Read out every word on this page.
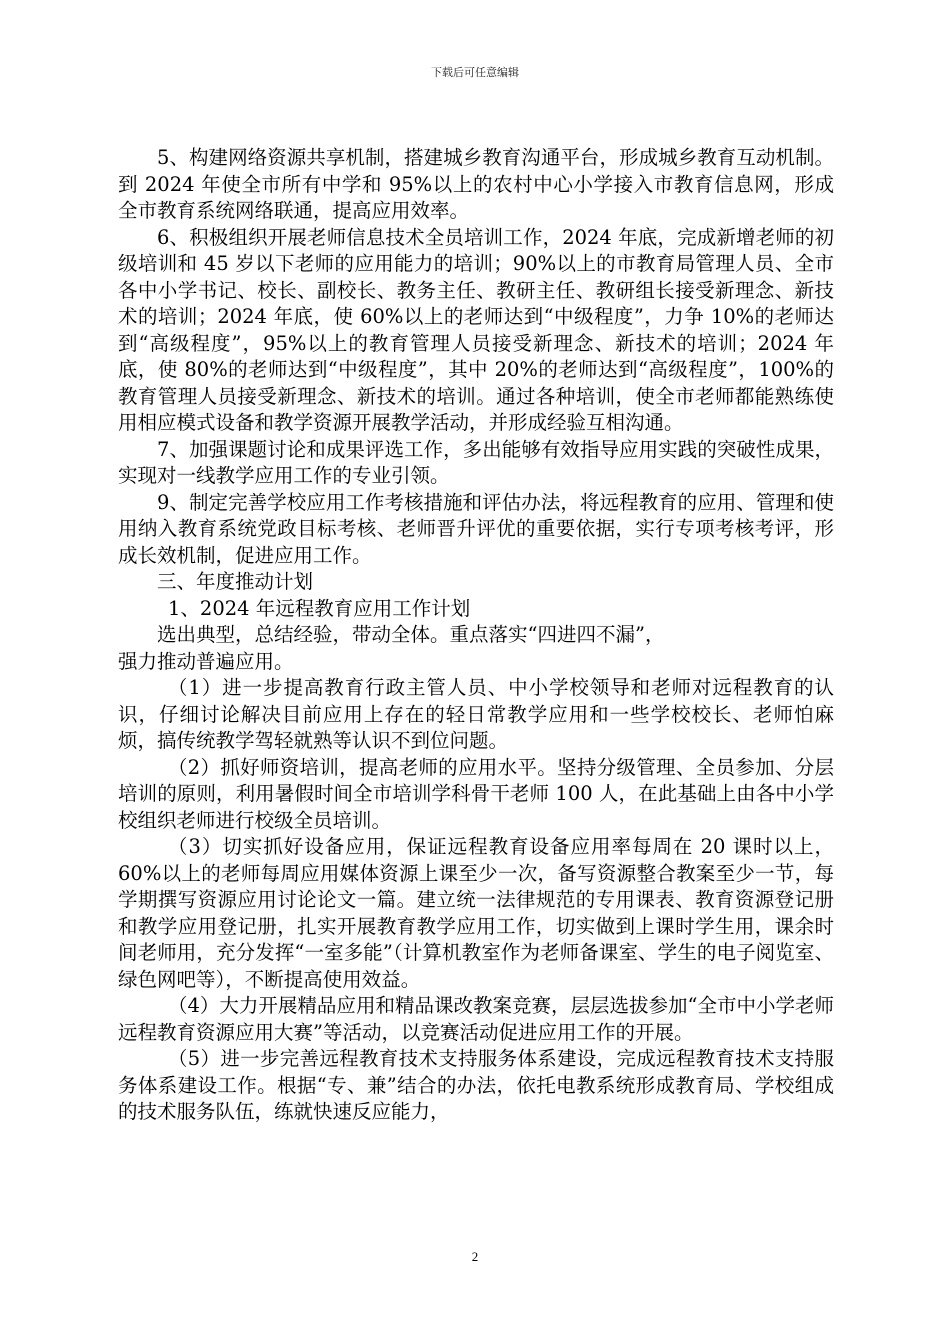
下载后可任意编辑

5、构建网络资源共享机制，搭建城乡教育沟通平台，形成城乡教育互动机制。到 2024 年使全市所有中学和 95%以上的农村中心小学接入市教育信息网，形成全市教育系统网络联通，提高应用效率。

6、积极组织开展老师信息技术全员培训工作，2024 年底，完成新增老师的初级培训和 45 岁以下老师的应用能力的培训；90%以上的市教育局管理人员、全市各中小学书记、校长、副校长、教务主任、教研主任、教研组长接受新理念、新技术的培训；2024 年底，使 60%以上的老师达到“中级程度”，力争 10%的老师达到“高级程度”，95%以上的教育管理人员接受新理念、新技术的培训；2024 年底，使 80%的老师达到“中级程度”，其中 20%的老师达到“高级程度”，100%的教育管理人员接受新理念、新技术的培训。通过各种培训，使全市老师都能熟练使用相应模式设备和教学资源开展教学活动，并形成经验互相沟通。

7、加强课题讨论和成果评选工作，多出能够有效指导应用实践的突破性成果，实现对一线教学应用工作的专业引领。

9、制定完善学校应用工作考核措施和评估办法，将远程教育的应用、管理和使用纳入教育系统党政目标考核、老师晋升评优的重要依据，实行专项考核考评，形成长效机制，促进应用工作。

三、年度推动计划

1、2024 年远程教育应用工作计划

选出典型，总结经验，带动全体。重点落实“四进四不漏”，
强力推动普遍应用。

（1）进一步提高教育行政主管人员、中小学校领导和老师对远程教育的认识，仔细讨论解决目前应用上存在的轻日常教学应用和一些学校校长、老师怕麻烦，搞传统教学驾轻就熟等认识不到位问题。

（2）抓好师资培训，提高老师的应用水平。坚持分级管理、全员参加、分层培训的原则，利用暑假时间全市培训学科骨干老师 100 人，在此基础上由各中小学校组织老师进行校级全员培训。

（3）切实抓好设备应用，保证远程教育设备应用率每周在 20 课时以上，60%以上的老师每周应用媒体资源上课至少一次，备写资源整合教案至少一节，每学期撰写资源应用讨论论文一篇。建立统一法律规范的专用课表、教育资源登记册和教学应用登记册，扎实开展教育教学应用工作，切实做到上课时学生用，课余时间老师用，充分发挥“一室多能”（计算机教室作为老师备课室、学生的电子阅览室、绿色网吧等），不断提高使用效益。

（4）大力开展精品应用和精品课改教案竞赛，层层选拔参加“全市中小学老师远程教育资源应用大赛”等活动，以竞赛活动促进应用工作的开展。

（5）进一步完善远程教育技术支持服务体系建设，完成远程教育技术支持服务体系建设工作。根据“专、兼”结合的办法，依托电教系统形成教育局、学校组成的技术服务队伍，练就快速反应能力，

2
